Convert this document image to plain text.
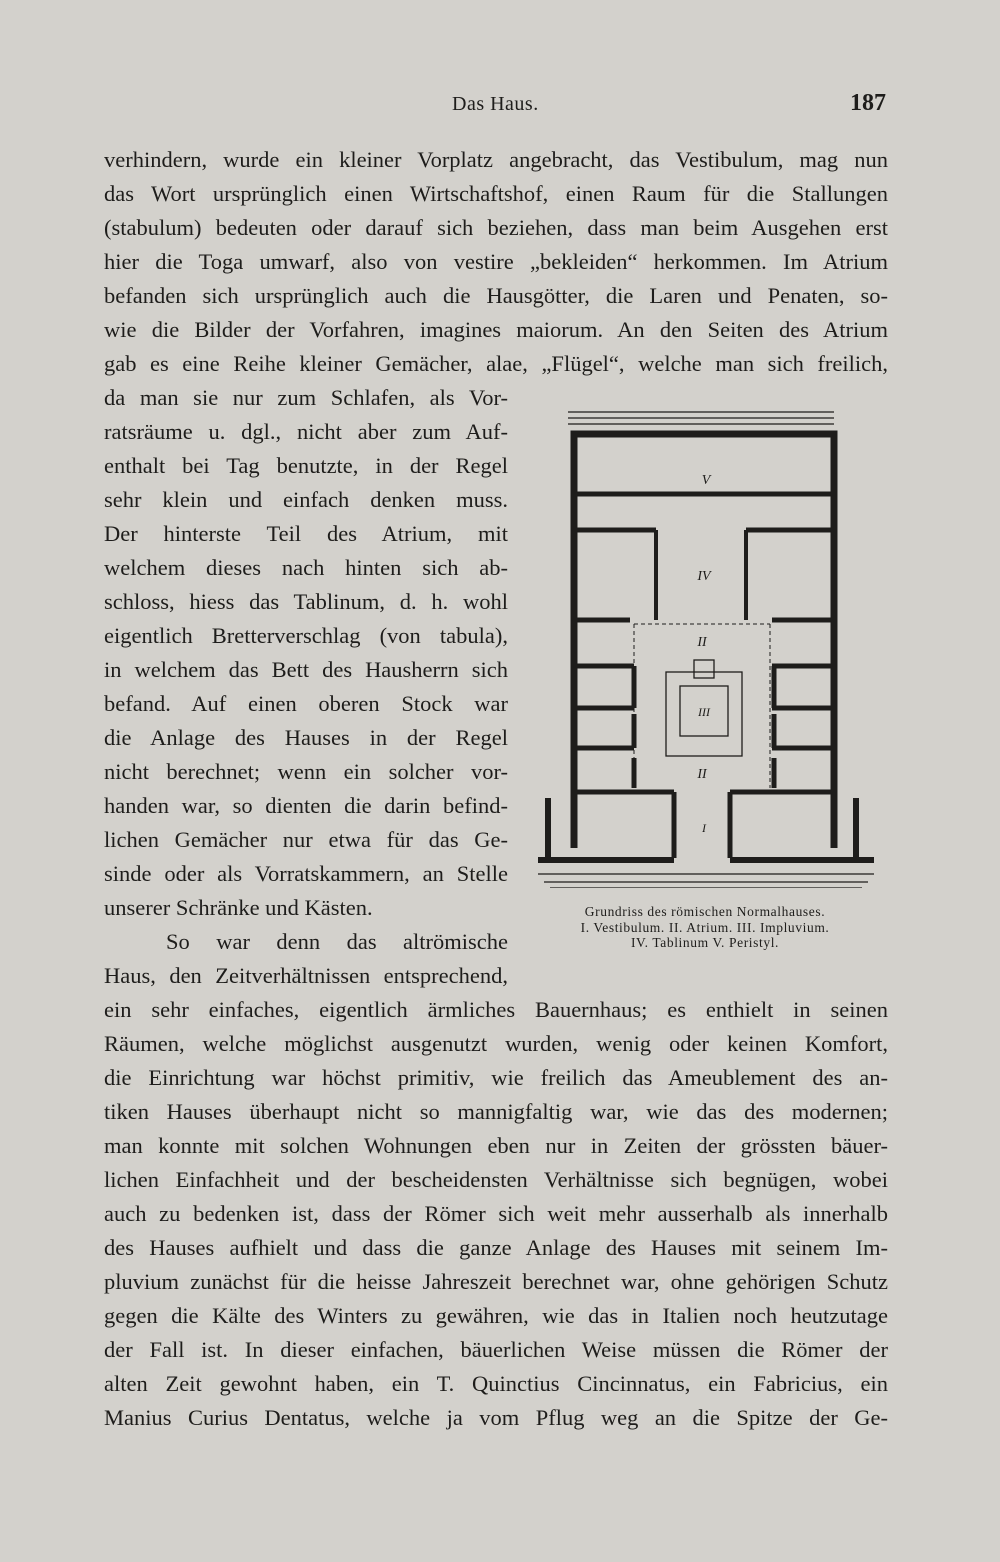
Das Haus.	187
verhindern, wurde ein kleiner Vorplatz angebracht, das Vestibulum, mag nun
das Wort ursprünglich einen Wirtschaftshof, einen Raum für die Stallungen
(stabulum) bedeuten oder darauf sich beziehen, dass man beim Ausgehen erst
hier die Toga umwarf, also von vestire „bekleiden“ herkommen. Im Atrium
befanden sich ursprünglich auch die Hausgötter, die Laren und Penaten, so-
wie die Bilder der Vorfahren, imagines maiorum. An den Seiten des Atrium
gab es eine Reihe kleiner Gemächer, alae, „Flügel“, welche man sich freilich,
da man sie nur zum Schlafen, als Vor-
ratsräume u. dgl., nicht aber zum Auf-
enthalt bei Tag benutzte, in der Regel
sehr klein und einfach denken muss.
Der hinterste Teil des Atrium, mit
welchem dieses nach hinten sich ab-
schloss, hiess das Tablinum, d. h. wohl
eigentlich Bretterverschlag (von tabula),
in welchem das Bett des Hausherrn sich
befand. Auf einen oberen Stock war
die Anlage des Hauses in der Regel
nicht berechnet; wenn ein solcher vor-
handen war, so dienten die darin befind-
lichen Gemächer nur etwa für das Ge-
sinde oder als Vorratskammern, an Stelle
unserer Schränke und Kästen.
So war denn das altrömische
Haus, den Zeitverhältnissen entsprechend,
ein sehr einfaches, eigentlich ärmliches Bauernhaus; es enthielt in seinen
Räumen, welche möglichst ausgenutzt wurden, wenig oder keinen Komfort,
die Einrichtung war höchst primitiv, wie freilich das Ameublement des an-
tiken Hauses überhaupt nicht so mannigfaltig war, wie das des modernen;
man konnte mit solchen Wohnungen eben nur in Zeiten der grössten bäuer-
lichen Einfachheit und der bescheidensten Verhältnisse sich begnügen, wobei
auch zu bedenken ist, dass der Römer sich weit mehr ausserhalb als innerhalb
des Hauses aufhielt und dass die ganze Anlage des Hauses mit seinem Im-
pluvium zunächst für die heisse Jahreszeit berechnet war, ohne gehörigen Schutz
gegen die Kälte des Winters zu gewähren, wie das in Italien noch heutzutage
der Fall ist. In dieser einfachen, bäuerlichen Weise müssen die Römer der
alten Zeit gewohnt haben, ein T. Quinctius Cincinnatus, ein Fabricius, ein
Manius Curius Dentatus, welche ja vom Pflug weg an die Spitze der Ge-
V
IV
II
III
II
I
Grundriss des römischen Normalhauses.
I. Vestibulum. II. Atrium. III. Impluvium.
IV. Tablinum V. Peristyl.
